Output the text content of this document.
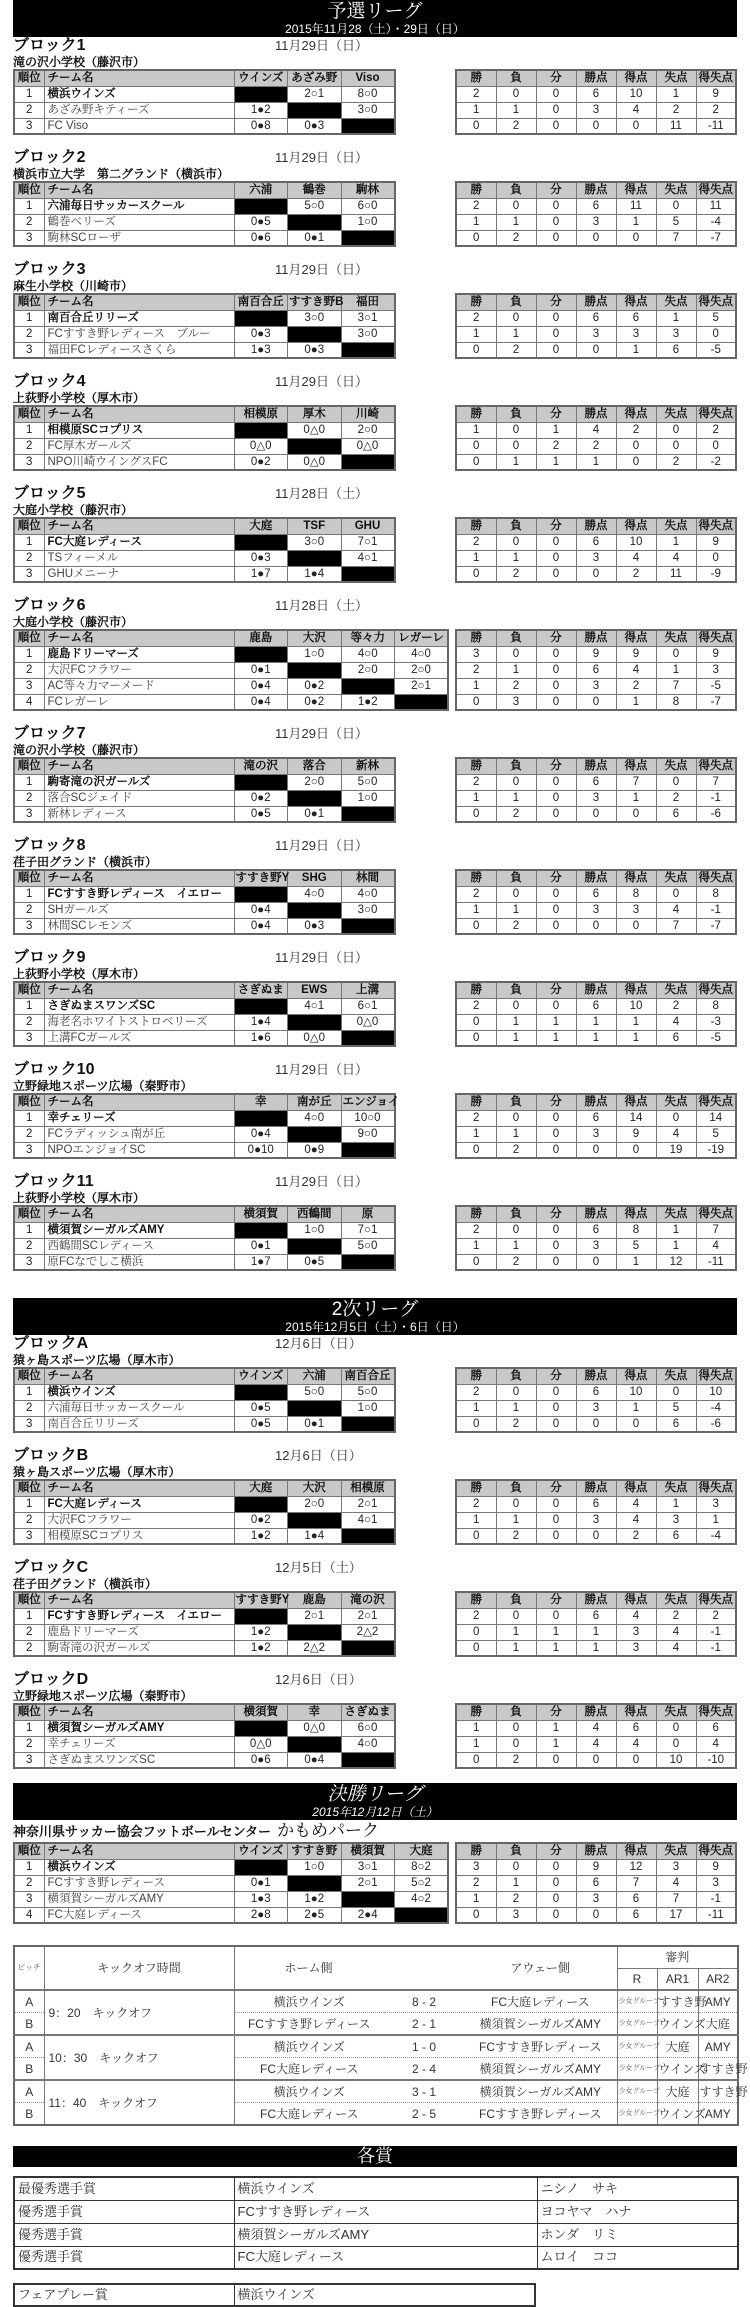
予選リーグ
2015年11月28（土）・29日（日）
ブロック1	11月29日（日）
滝の沢小学校（藤沢市）
順位	チーム名	ウインズ	あざみ野	Viso
1	横浜ウインズ		2○1	8○0
2	あざみ野キティーズ	1●2		3○0
3	FC Viso	0●8	0●3	
勝	負	分	勝点	得点	失点	得失点
2	0	0	6	10	1	9
1	1	0	3	4	2	2
0	2	0	0	0	11	-11
ブロック2	11月29日（日）
横浜市立大学　第二グランド（横浜市）
順位	チーム名	六浦	鶴巻	駒林
1	六浦毎日サッカースクール		5○0	6○0
2	鶴巻ベリーズ	0●5		1○0
3	駒林SCローザ	0●6	0●1	
勝	負	分	勝点	得点	失点	得失点
2	0	0	6	11	0	11
1	1	0	3	1	5	-4
0	2	0	0	0	7	-7
ブロック3	11月29日（日）
麻生小学校（川崎市）
順位	チーム名	南百合丘	すすき野B	福田
1	南百合丘リリーズ		3○0	3○1
2	FCすすき野レディース　ブルー	0●3		3○0
3	福田FCレディースさくら	1●3	0●3	
勝	負	分	勝点	得点	失点	得失点
2	0	0	6	6	1	5
1	1	0	3	3	3	0
0	2	0	0	1	6	-5
ブロック4	11月29日（日）
上荻野小学校（厚木市）
順位	チーム名	相模原	厚木	川崎
1	相模原SCコプリス		0△0	2○0
2	FC厚木ガールズ	0△0		0△0
3	NPO川崎ウイングスFC	0●2	0△0	
勝	負	分	勝点	得点	失点	得失点
1	0	1	4	2	0	2
0	0	2	2	0	0	0
0	1	1	1	0	2	-2
ブロック5	11月28日（土）
大庭小学校（藤沢市）
順位	チーム名	大庭	TSF	GHU
1	FC大庭レディース		3○0	7○1
2	TSフィーメル	0●3		4○1
3	GHUメニーナ	1●7	1●4	
勝	負	分	勝点	得点	失点	得失点
2	0	0	6	10	1	9
1	1	0	3	4	4	0
0	2	0	0	2	11	-9
ブロック6	11月28日（土）
大庭小学校（藤沢市）
順位	チーム名	鹿島	大沢	等々力	レガーレ
1	鹿島ドリーマーズ		1○0	4○0	4○0
2	大沢FCフラワー	0●1		2○0	2○0
3	AC等々力マーメード	0●4	0●2		2○1
4	FCレガーレ	0●4	0●2	1●2	
勝	負	分	勝点	得点	失点	得失点
3	0	0	9	9	0	9
2	1	0	6	4	1	3
1	2	0	3	2	7	-5
0	3	0	0	1	8	-7
ブロック7	11月29日（日）
滝の沢小学校（藤沢市）
順位	チーム名	滝の沢	落合	新林
1	駒寄滝の沢ガールズ		2○0	5○0
2	落合SCジェイド	0●2		1○0
3	新林レディース	0●5	0●1	
勝	負	分	勝点	得点	失点	得失点
2	0	0	6	7	0	7
1	1	0	3	1	2	-1
0	2	0	0	0	6	-6
ブロック8	11月29日（日）
荏子田グランド（横浜市）
順位	チーム名	すすき野Y	SHG	林間
1	FCすすき野レディース　イエロー		4○0	4○0
2	SHガールズ	0●4		3○0
3	林間SCレモンズ	0●4	0●3	
勝	負	分	勝点	得点	失点	得失点
2	0	0	6	8	0	8
1	1	0	3	3	4	-1
0	2	0	0	0	7	-7
ブロック9	11月29日（日）
上荻野小学校（厚木市）
順位	チーム名	さぎぬま	EWS	上溝
1	さぎぬまスワンズSC		4○1	6○1
2	海老名ホワイトストロベリーズ	1●4		0△0
3	上溝FCガールズ	1●6	0△0	
勝	負	分	勝点	得点	失点	得失点
2	0	0	6	10	2	8
0	1	1	1	1	4	-3
0	1	1	1	1	6	-5
ブロック10	11月29日（日）
立野緑地スポーツ広場（秦野市）
順位	チーム名	幸	南が丘	エンジョイ
1	幸チェリーズ		4○0	10○0
2	FCラディッシュ南が丘	0●4		9○0
3	NPOエンジョイSC	0●10	0●9	
勝	負	分	勝点	得点	失点	得失点
2	0	0	6	14	0	14
1	1	0	3	9	4	5
0	2	0	0	0	19	-19
ブロック11	11月29日（日）
上荻野小学校（厚木市）
順位	チーム名	横須賀	西鶴間	原
1	横須賀シーガルズAMY		1○0	7○1
2	西鶴間SCレディース	0●1		5○0
3	原FCなでしこ横浜	1●7	0●5	
勝	負	分	勝点	得点	失点	得失点
2	0	0	6	8	1	7
1	1	0	3	5	1	4
0	2	0	0	1	12	-11
2次リーグ
2015年12月5日（土）・6日（日）
ブロックA	12月6日（日）
猿ヶ島スポーツ広場（厚木市）
順位	チーム名	ウインズ	六浦	南百合丘
1	横浜ウインズ		5○0	5○0
2	六浦毎日サッカースクール	0●5		1○0
3	南百合丘リリーズ	0●5	0●1	
勝	負	分	勝点	得点	失点	得失点
2	0	0	6	10	0	10
1	1	0	3	1	5	-4
0	2	0	0	0	6	-6
ブロックB	12月6日（日）
猿ヶ島スポーツ広場（厚木市）
順位	チーム名	大庭	大沢	相模原
1	FC大庭レディース		2○0	2○1
2	大沢FCフラワー	0●2		4○1
3	相模原SCコプリス	1●2	1●4	
勝	負	分	勝点	得点	失点	得失点
2	0	0	6	4	1	3
1	1	0	3	4	3	1
0	2	0	0	2	6	-4
ブロックC	12月5日（土）
荏子田グランド（横浜市）
順位	チーム名	すすき野Y	鹿島	滝の沢
1	FCすすき野レディース　イエロー		2○1	2○1
2	鹿島ドリーマーズ	1●2		2△2
2	駒寄滝の沢ガールズ	1●2	2△2	
勝	負	分	勝点	得点	失点	得失点
2	0	0	6	4	2	2
0	1	1	1	3	4	-1
0	1	1	1	3	4	-1
ブロックD	12月6日（日）
立野緑地スポーツ広場（秦野市）
順位	チーム名	横須賀	幸	さぎぬま
1	横須賀シーガルズAMY		0△0	6○0
2	幸チェリーズ	0△0		4○0
3	さぎぬまスワンズSC	0●6	0●4	
勝	負	分	勝点	得点	失点	得失点
1	0	1	4	6	0	6
1	0	1	4	4	0	4
0	2	0	0	0	10	-10
決勝リーグ
2015年12月12日（土）
神奈川県サッカー協会フットボールセンター かもめパーク
順位	チーム名	ウインズ	すすき野	横須賀	大庭
1	横浜ウインズ		1○0	3○1	8○2
2	FCすすき野レディース	0●1		2○1	5○2
3	横須賀シーガルズAMY	1●3	1●2		4○2
4	FC大庭レディース	2●8	2●5	2●4	
勝	負	分	勝点	得点	失点	得失点
3	0	0	9	12	3	9
2	1	0	6	7	4	3
1	2	0	3	6	7	-1
0	3	0	0	6	17	-11
ピッチ	キックオフ時間	ホーム側		アウェー側	審判		
					R	AR1	AR2
A	9：20　キックオフ	横浜ウインズ	8 - 2	FC大庭レディース	少女グループ	すすき野	AMY
B		FCすすき野レディース	2 - 1	横須賀シーガルズAMY	少女グループ	ウインズ	大庭
A	10：30　キックオフ	横浜ウインズ	1 - 0	FCすすき野レディース	少女グループ	大庭	AMY
B		FC大庭レディース	2 - 4	横須賀シーガルズAMY	少女グループ	ウインズ	すすき野
A	11：40　キックオフ	横浜ウインズ	3 - 1	横須賀シーガルズAMY	少女グループ	大庭	すすき野
B		FC大庭レディース	2 - 5	FCすすき野レディース	少女グループ	ウインズ	AMY
各賞
最優秀選手賞	横浜ウインズ	ニシノ　サキ
優秀選手賞	FCすすき野レディース	ヨコヤマ　ハナ
優秀選手賞	横須賀シーガルズAMY	ホンダ　リミ
優秀選手賞	FC大庭レディース	ムロイ　ココ
フェアプレー賞	横浜ウインズ
